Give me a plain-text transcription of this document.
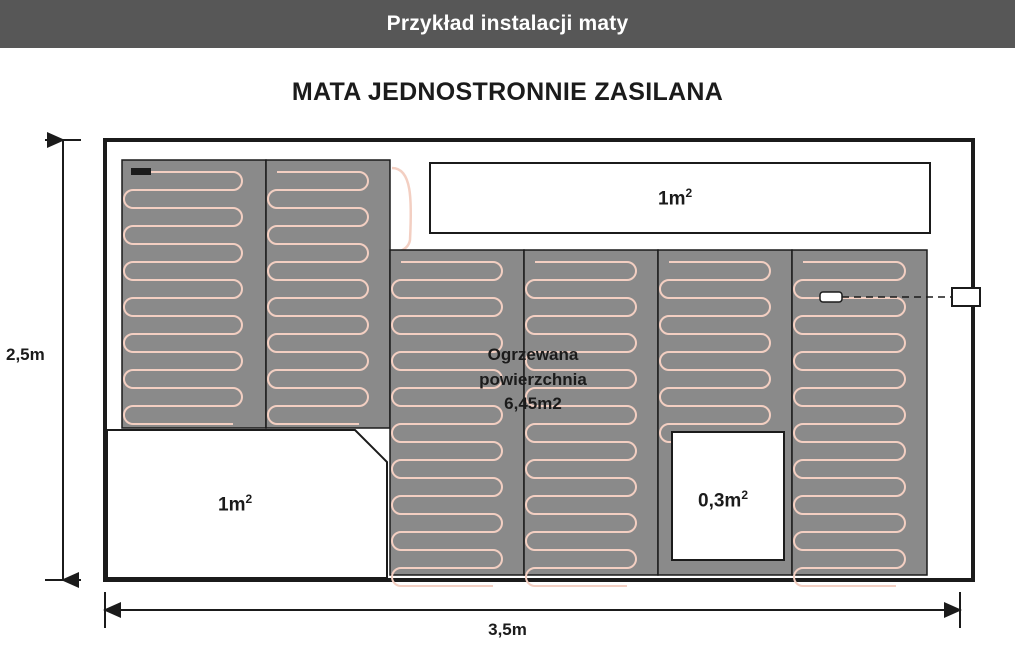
Przykład instalacji maty
MATA JEDNOSTRONNIE ZASILANA
2,5m
3,5m
$1m^2$
$1m^2$	$0,3m^2$
Ogrzewana
powierzchnia
6,45m2
